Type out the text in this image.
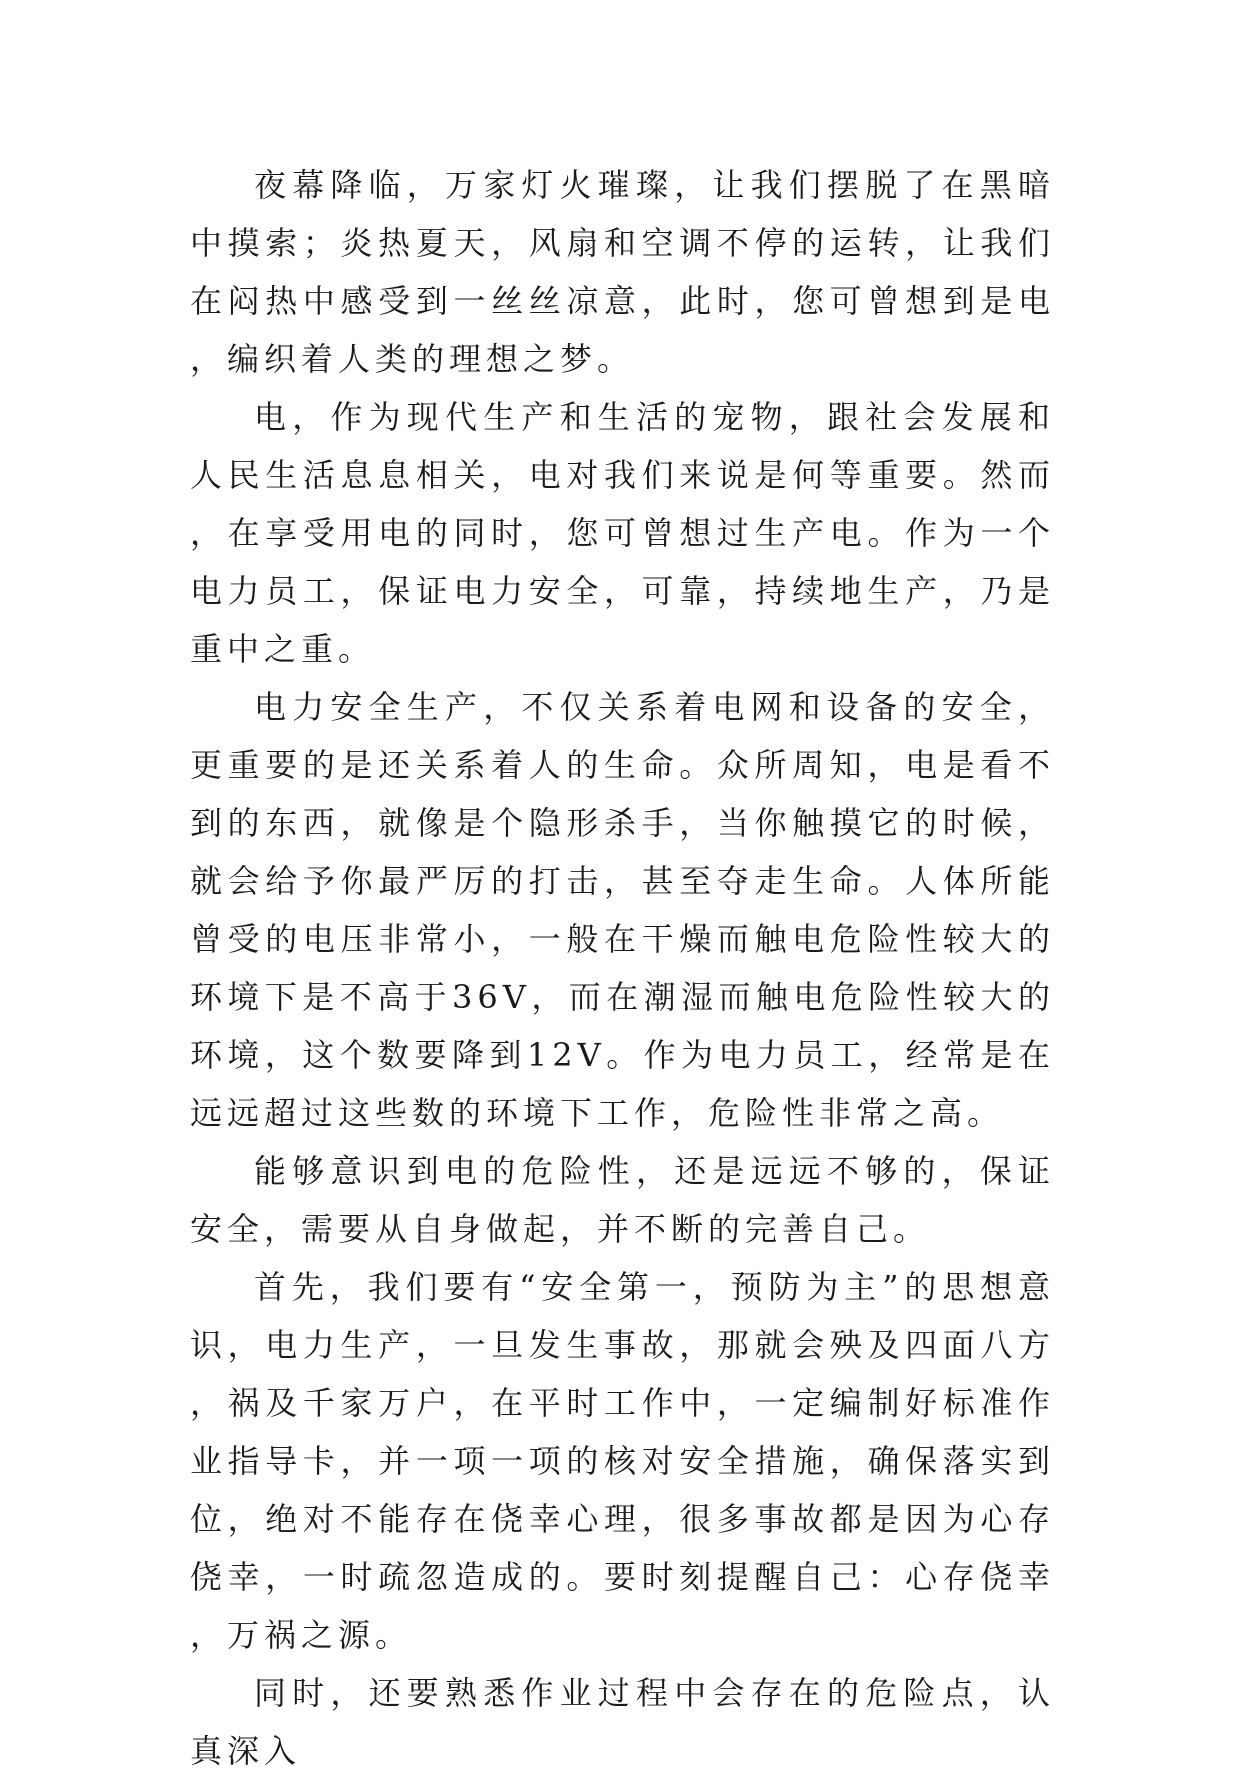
夜幕降临，万家灯火璀璨，让我们摆脱了在黑暗中摸索；炎热夏天，风扇和空调不停的运转，让我们在闷热中感受到一丝丝凉意，此时，您可曾想到是电，编织着人类的理想之梦。

电，作为现代生产和生活的宠物，跟社会发展和人民生活息息相关，电对我们来说是何等重要。然而，在享受用电的同时，您可曾想过生产电。作为一个电力员工，保证电力安全，可靠，持续地生产，乃是重中之重。

电力安全生产，不仅关系着电网和设备的安全，更重要的是还关系着人的生命。众所周知，电是看不到的东西，就像是个隐形杀手，当你触摸它的时候，就会给予你最严厉的打击，甚至夺走生命。人体所能曾受的电压非常小，一般在干燥而触电危险性较大的环境下是不高于36V，而在潮湿而触电危险性较大的环境，这个数要降到12V。作为电力员工，经常是在远远超过这些数的环境下工作，危险性非常之高。

能够意识到电的危险性，还是远远不够的，保证安全，需要从自身做起，并不断的完善自己。

首先，我们要有“安全第一，预防为主”的思想意识，电力生产，一旦发生事故，那就会殃及四面八方，祸及千家万户，在平时工作中，一定编制好标准作业指导卡，并一项一项的核对安全措施，确保落实到位，绝对不能存在侥幸心理，很多事故都是因为心存侥幸，一时疏忽造成的。要时刻提醒自己：心存侥幸，万祸之源。

同时，还要熟悉作业过程中会存在的危险点，认真深入
